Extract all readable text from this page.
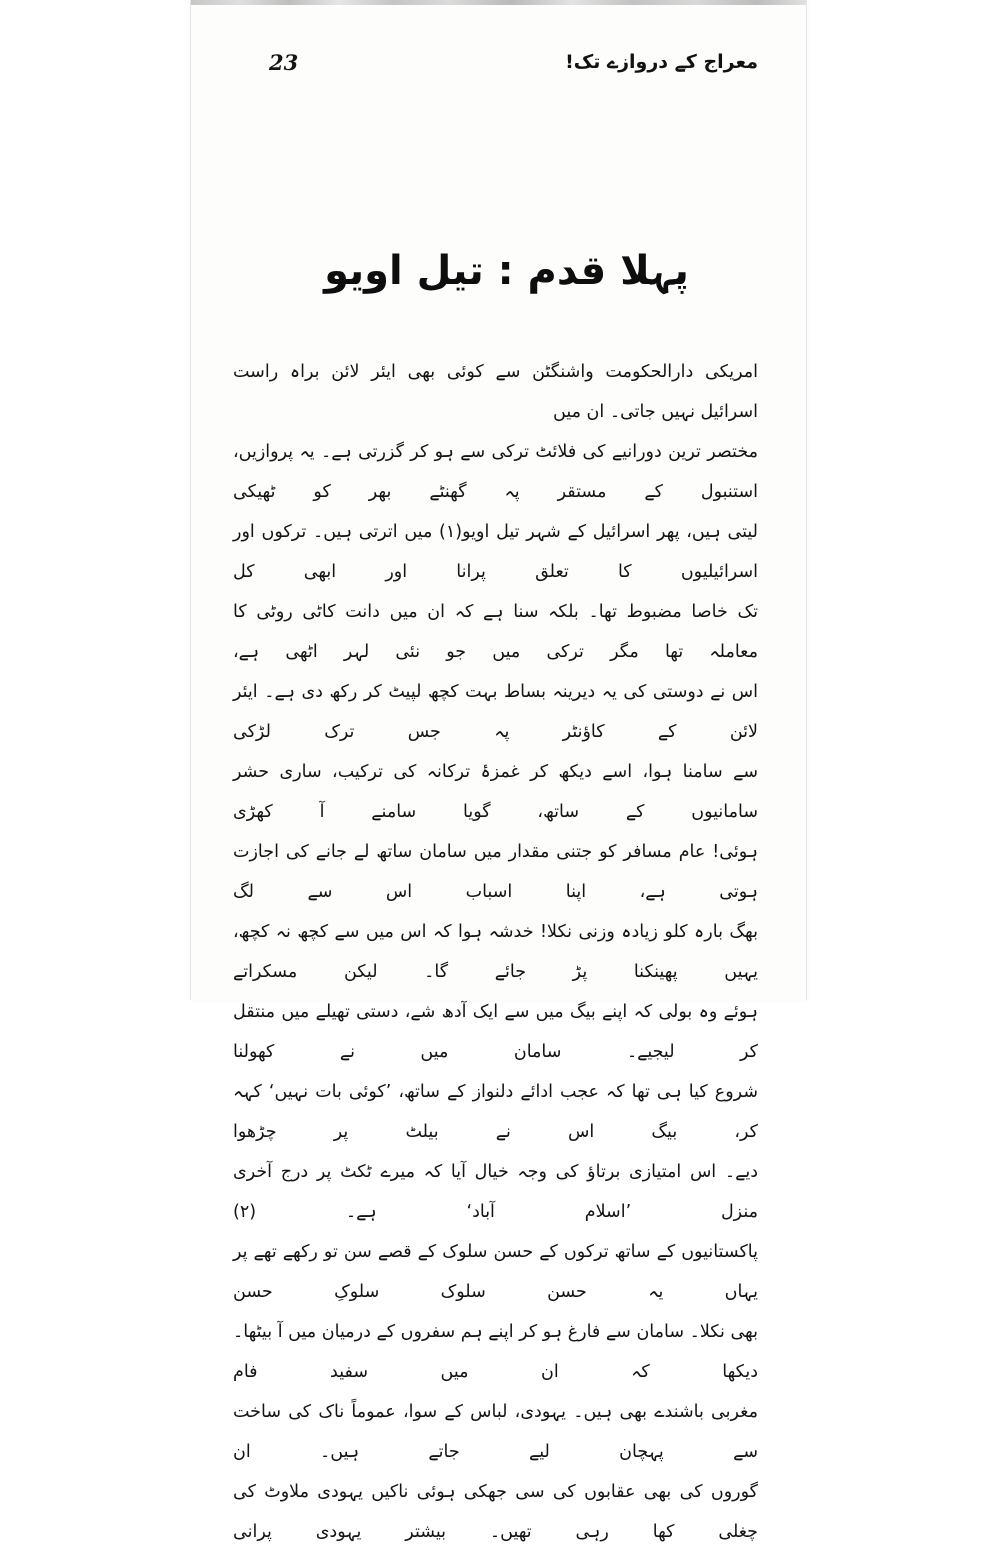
23	معراج کے دروازے تک!
پہلا قدم : تیل اویو
امریکی دارالحکومت واشنگٹن سے کوئی بھی ایئر لائن براہ راست اسرائیل نہیں جاتی۔ ان میں
مختصر ترین دورانیے کی فلائٹ ترکی سے ہو کر گزرتی ہے۔ یہ پروازیں، استنبول کے مستقر پہ گھنٹے بھر کو ٹھیکی
لیتی ہیں، پھر اسرائیل کے شہر تیل اویو(۱) میں اترتی ہیں۔ ترکوں اور اسرائیلیوں کا تعلق پرانا اور ابھی کل
تک خاصا مضبوط تھا۔ بلکہ سنا ہے کہ ان میں دانت کاٹی روٹی کا معاملہ تھا مگر ترکی میں جو نئی لہر اٹھی ہے،
اس نے دوستی کی یہ دیرینہ بساط بہت کچھ لپیٹ کر رکھ دی ہے۔ ایئر لائن کے کاؤنٹر پہ جس ترک لڑکی
سے سامنا ہوا، اسے دیکھ کر غمزۂ ترکانہ کی ترکیب، ساری حشر سامانیوں کے ساتھ، گویا سامنے آ کھڑی
ہوئی! عام مسافر کو جتنی مقدار میں سامان ساتھ لے جانے کی اجازت ہوتی ہے، اپنا اسباب اس سے لگ
بھگ بارہ کلو زیادہ وزنی نکلا! خدشہ ہوا کہ اس میں سے کچھ نہ کچھ، یہیں پھینکنا پڑ جائے گا۔ لیکن مسکراتے
ہوئے وہ بولی کہ اپنے بیگ میں سے ایک آدھ شے، دستی تھیلے میں منتقل کر لیجیے۔ سامان میں نے کھولنا
شروع کیا ہی تھا کہ عجب ادائے دلنواز کے ساتھ، ’کوئی بات نہیں‘ کہہ کر، بیگ اس نے بیلٹ پر چڑھوا
دیے۔ اس امتیازی برتاؤ کی وجہ خیال آیا کہ میرے ٹکٹ پر درج آخری منزل ’اسلام آباد‘ ہے۔ (۲)
پاکستانیوں کے ساتھ ترکوں کے حسن سلوک کے قصے سن تو رکھے تھے پر یہاں یہ حسن سلوک سلوکِ حسن
بھی نکلا۔ سامان سے فارغ ہو کر اپنے ہم سفروں کے درمیان میں آ بیٹھا۔ دیکھا کہ ان میں سفید فام
مغربی باشندے بھی ہیں۔ یہودی، لباس کے سوا، عموماً ناک کی ساخت سے پہچان لیے جاتے ہیں۔ ان
گوروں کی بھی عقابوں کی سی جھکی ہوئی ناکیں یہودی ملاوٹ کی چغلی کھا رہی تھیں۔ بیشتر یہودی پرانی
